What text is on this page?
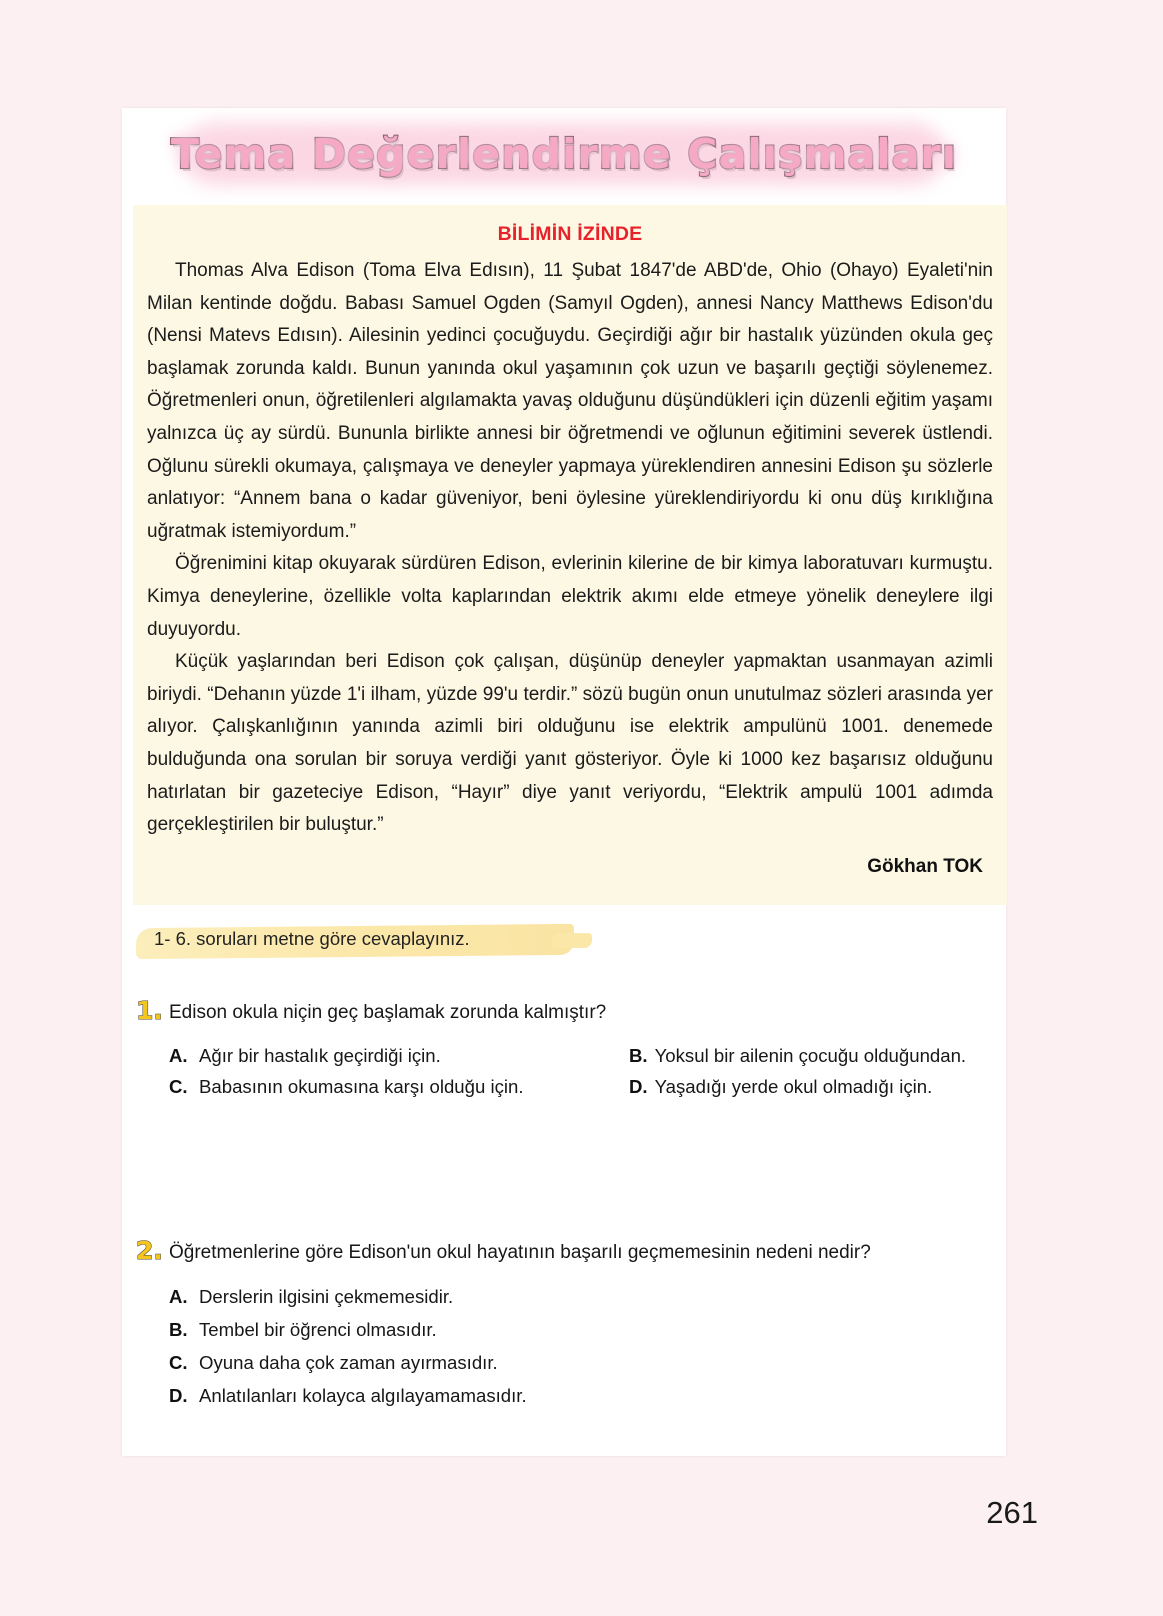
Tema Değerlendirme Çalışmaları
BİLİMİN İZİNDE

Thomas Alva Edison (Toma Elva Edısın), 11 Şubat 1847'de ABD'de, Ohio (Ohayo) Eyaleti'nin Milan kentinde doğdu. Babası Samuel Ogden (Samyıl Ogden), annesi Nancy Matthews Edison'du (Nensi Matevs Edısın). Ailesinin yedinci çocuğuydu. Geçirdiği ağır bir hastalık yüzünden okula geç başlamak zorunda kaldı. Bunun yanında okul yaşamının çok uzun ve başarılı geçtiği söylenemez. Öğretmenleri onun, öğretilenleri algılamakta yavaş olduğunu düşündükleri için düzenli eğitim yaşamı yalnızca üç ay sürdü. Bununla birlikte annesi bir öğretmendi ve oğlunun eğitimini severek üstlendi. Oğlunu sürekli okumaya, çalışmaya ve deneyler yapmaya yüreklendiren annesini Edison şu sözlerle anlatıyor: “Annem bana o kadar güveniyor, beni öylesine yüreklendiriyordu ki onu düş kırıklığına uğratmak istemiyordum.”

Öğrenimini kitap okuyarak sürdüren Edison, evlerinin kilerine de bir kimya laboratuvarı kurmuştu. Kimya deneylerine, özellikle volta kaplarından elektrik akımı elde etmeye yönelik deneylere ilgi duyuyordu.

Küçük yaşlarından beri Edison çok çalışan, düşünüp deneyler yapmaktan usanmayan azimli biriydi. “Dehanın yüzde 1'i ilham, yüzde 99'u terdir.” sözü bugün onun unutulmaz sözleri arasında yer alıyor. Çalışkanlığının yanında azimli biri olduğunu ise elektrik ampulünü 1001. denemede bulduğunda ona sorulan bir soruya verdiği yanıt gösteriyor. Öyle ki 1000 kez başarısız olduğunu hatırlatan bir gazeteciye Edison, “Hayır” diye yanıt veriyordu, “Elektrik ampulü 1001 adımda gerçekleştirilen bir buluştur.”

Gökhan TOK
1- 6. soruları metne göre cevaplayınız.
1. Edison okula niçin geç başlamak zorunda kalmıştır?
A. Ağır bir hastalık geçirdiği için.	B. Yoksul bir ailenin çocuğu olduğundan.
C. Babasının okumasına karşı olduğu için.	D. Yaşadığı yerde okul olmadığı için.
2. Öğretmenlerine göre Edison'un okul hayatının başarılı geçmemesinin nedeni nedir?
A. Derslerin ilgisini çekmemesidir.
B. Tembel bir öğrenci olmasıdır.
C. Oyuna daha çok zaman ayırmasıdır.
D. Anlatılanları kolayca algılayamamasıdır.
261
